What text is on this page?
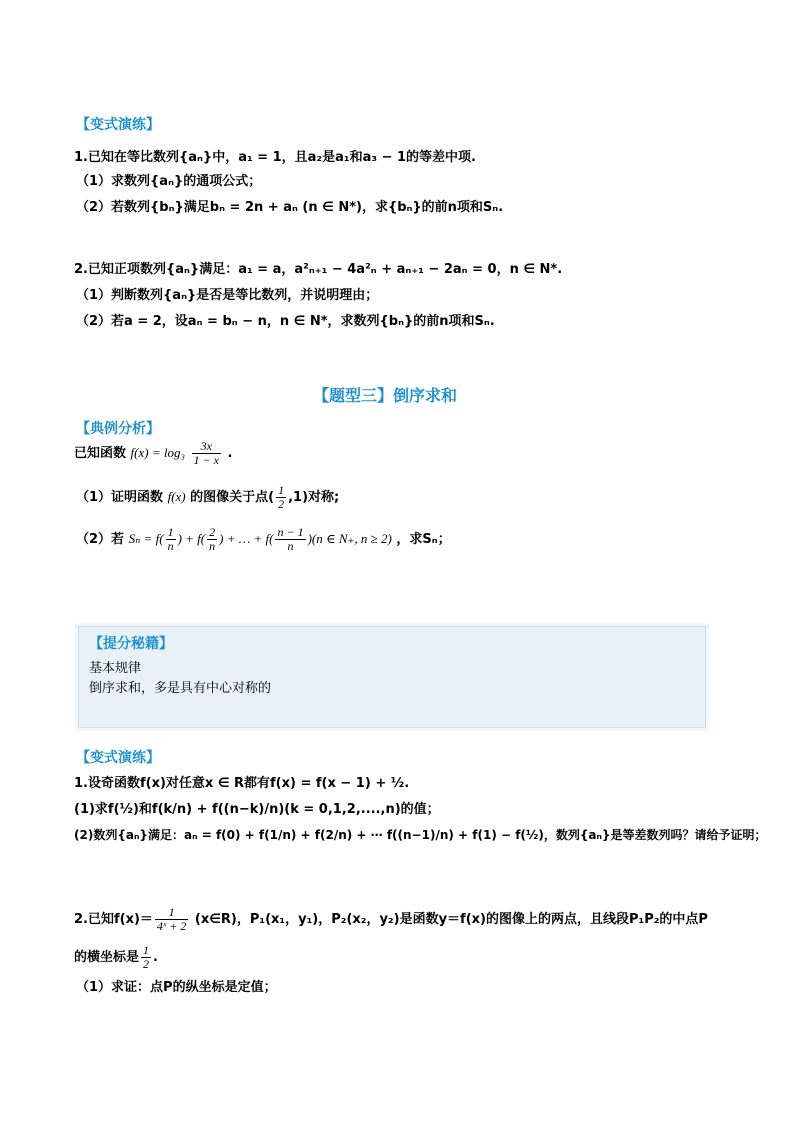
【变式演练】
1.已知在等比数列{aₙ}中，a₁ = 1，且a₂是a₁和a₃ − 1的等差中项.
（1）求数列{aₙ}的通项公式；
（2）若数列{bₙ}满足bₙ = 2n + aₙ (n ∈ N*)，求{bₙ}的前n项和Sₙ.
2.已知正项数列{aₙ}满足：a₁ = a，a²ₙ₊₁ − 4a²ₙ + aₙ₊₁ − 2aₙ = 0，n ∈ N*.
（1）判断数列{aₙ}是否是等比数列，并说明理由；
（2）若a = 2，设aₙ = bₙ − n，n ∈ N*，求数列{bₙ}的前n项和Sₙ.
【题型三】倒序求和
【典例分析】
已知函数 $f(x) = \log_3 \frac{3x}{1 - x}$ .
（1）证明函数 f(x) 的图像关于点( $\frac{1}{2} ,1$)对称;
（2）若 $S_n = f( \frac{1}{n}$ ) + $f( \frac{2}{n}$ ) + … + $f( \frac{n - 1}{n} )(n$ ∈ N₊, n ≥ 2) ，求Sₙ；
【提分秘籍】
基本规律
倒序求和，多是具有中心对称的
【变式演练】
1.设奇函数f(x)对任意x ∈ R都有f(x) = f(x − 1) + ½.
(1)求f(½)和f(k/n) + f((n−k)/n)(k = 0,1,2,....,n)的值；
(2)数列{aₙ}满足：aₙ = f(0) + f(1/n) + f(2/n) + ⋯ f((n−1)/n) + f(1) − f(½)，数列{aₙ}是等差数列吗？请给予证明；
2.已知$f(x)= \frac{1}{\text{4ˣ + 2}}$ (x∈R)，P₁(x₁，y₁)，P₂(x₂，y₂)是函数y＝f(x)的图像上的两点，且线段P₁P₂的中点P
的横坐标是 $\frac{1}{2}$ .
（1）求证：点P的纵坐标是定值；
